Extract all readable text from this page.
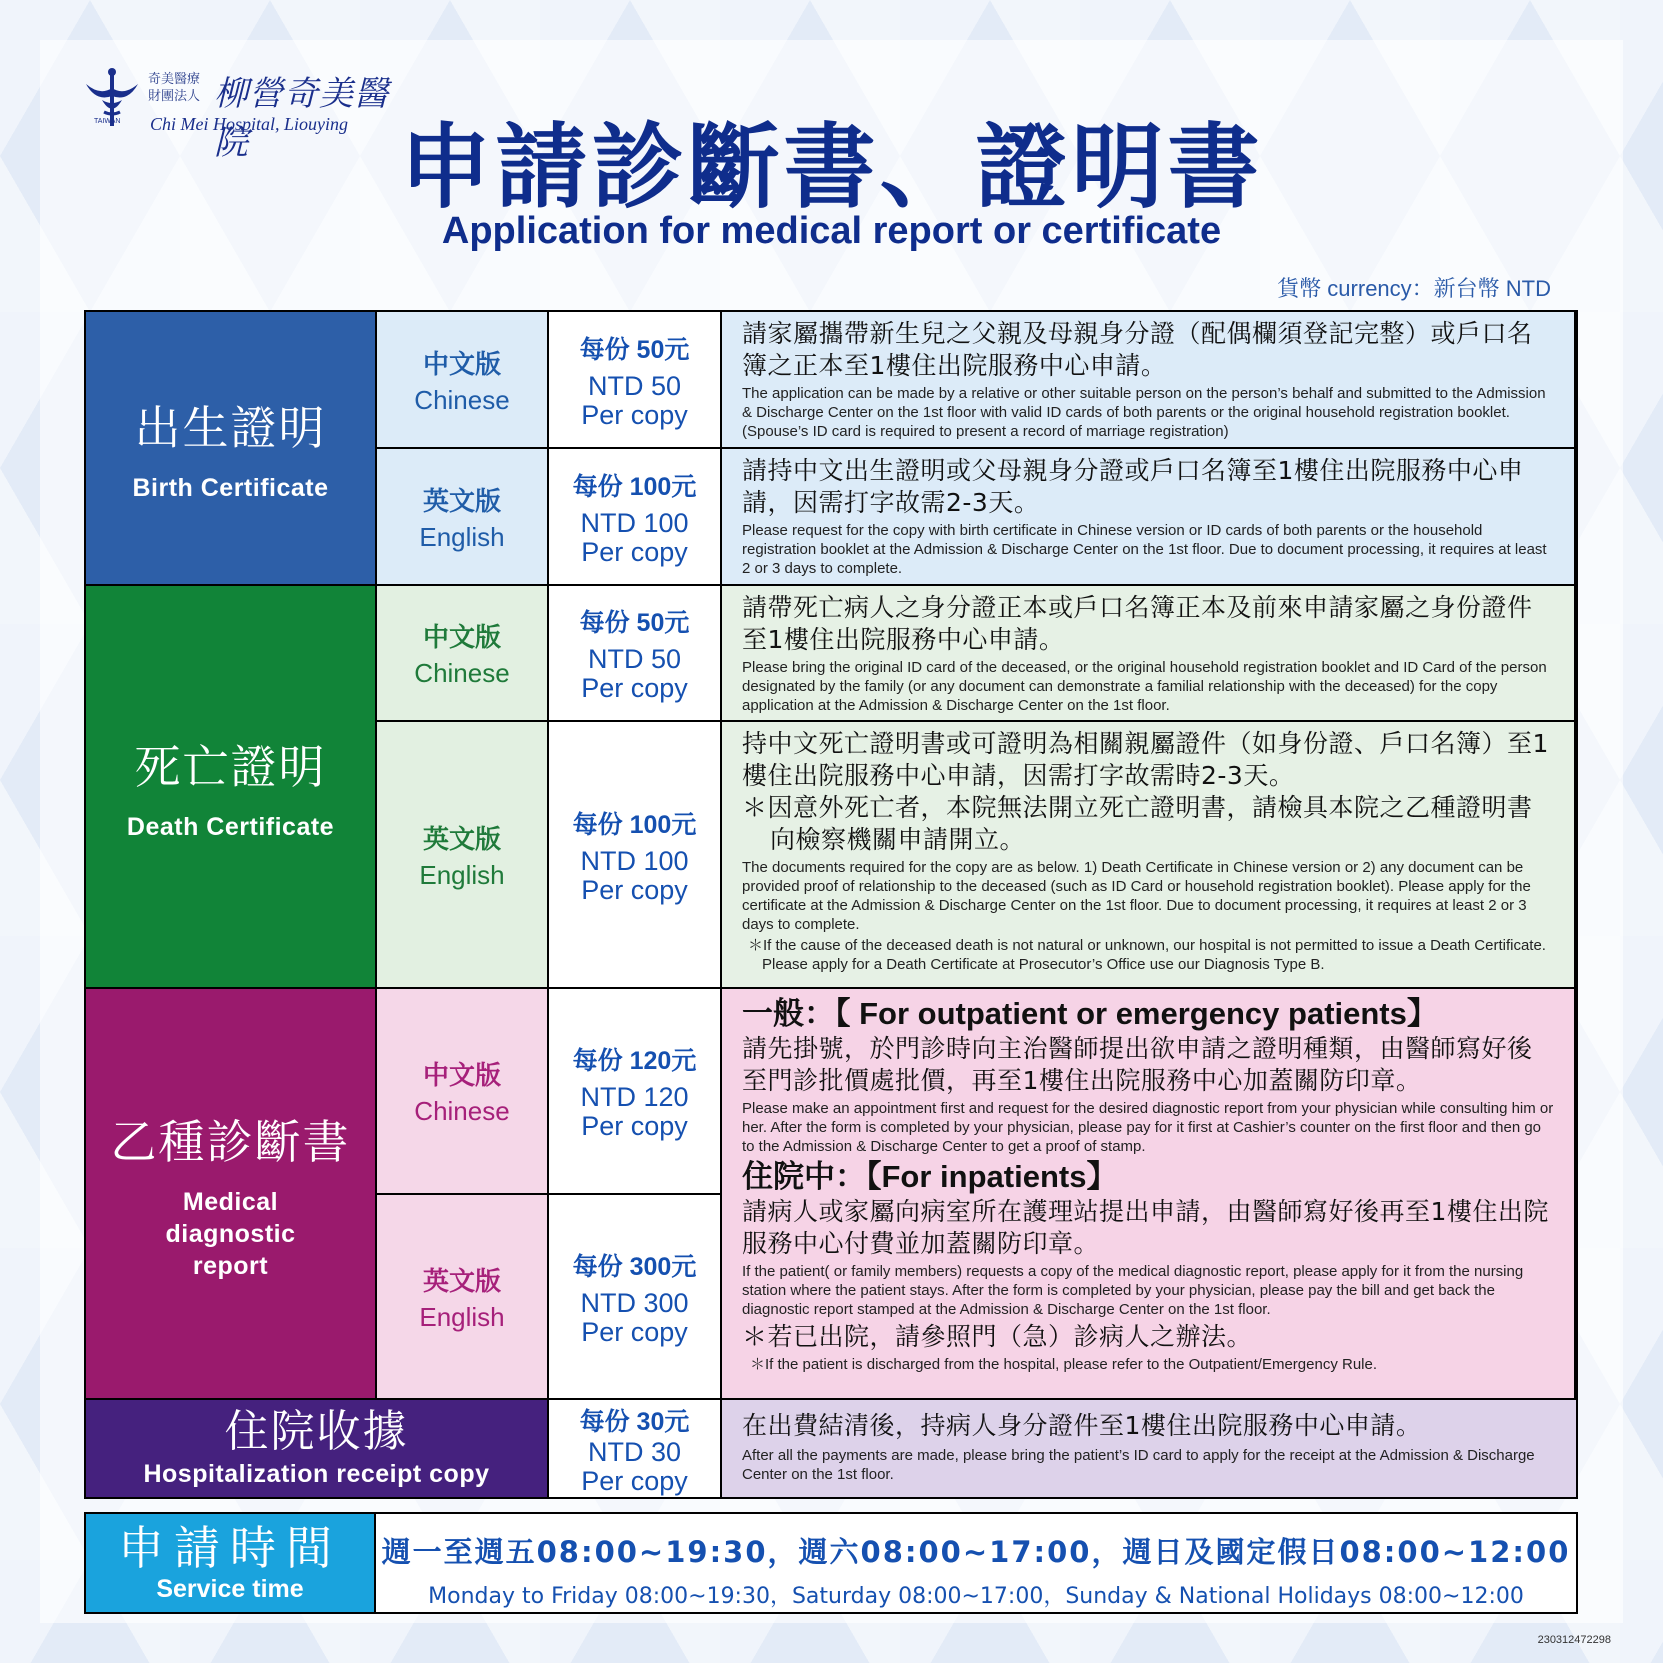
奇美醫療
財團法人 柳營奇美醫院
Chi Mei Hospital, Liouying
TAIWAN	申請診斷書、證明書
Application for medical report or certificate
貨幣 currency：新台幣 NTD
出生證明
Birth Certificate
中文版
Chinese
每份 50元
NTD 50
Per copy
請家屬攜帶新生兒之父親及母親身分證（配偶欄須登記完整）或戶口名簿之正本至1樓住出院服務中心申請。
The application can be made by a relative or other suitable person on the person’s behalf and submitted to the Admission & Discharge Center on the 1st floor with valid ID cards of both parents or the original household registration booklet. (Spouse’s ID card is required to present a record of marriage registration)
英文版
English
每份 100元
NTD 100
Per copy
請持中文出生證明或父母親身分證或戶口名簿至1樓住出院服務中心申請，因需打字故需2-3天。
Please request for the copy with birth certificate in Chinese version or ID cards of both parents or the household registration booklet at the Admission & Discharge Center on the 1st floor. Due to document processing, it requires at least 2 or 3 days to complete.
死亡證明
Death Certificate
中文版
Chinese
每份 50元
NTD 50
Per copy
請帶死亡病人之身分證正本或戶口名簿正本及前來申請家屬之身份證件至1樓住出院服務中心申請。
Please bring the original ID card of the deceased, or the original household registration booklet and ID Card of the person designated by the family (or any document can demonstrate a familial relationship with the deceased) for the copy application at the Admission & Discharge Center on the 1st floor.
英文版
English
每份 100元
NTD 100
Per copy
持中文死亡證明書或可證明為相關親屬證件（如身份證、戶口名簿）至1樓住出院服務中心申請，因需打字故需時2-3天。
＊因意外死亡者，本院無法開立死亡證明書，請檢具本院之乙種證明書向檢察機關申請開立。
The documents required for the copy are as below. 1) Death Certificate in Chinese version or 2) any document can be provided proof of relationship to the deceased (such as ID Card or household registration booklet). Please apply for the certificate at the Admission & Discharge Center on the 1st floor. Due to document processing, it requires at least 2 or 3 days to complete.
＊If the cause of the deceased death is not natural or unknown, our hospital is not permitted to issue a Death Certificate. Please apply for a Death Certificate at Prosecutor’s Office use our Diagnosis Type B.
乙種診斷書
Medical diagnostic report
中文版
Chinese
每份 120元
NTD 120
Per copy
英文版
English
每份 300元
NTD 300
Per copy
一般：【 For outpatient or emergency patients】
請先掛號，於門診時向主治醫師提出欲申請之證明種類，由醫師寫好後至門診批價處批價，再至1樓住出院服務中心加蓋關防印章。
Please make an appointment first and request for the desired diagnostic report from your physician while consulting him or her. After the form is completed by your physician, please pay for it first at Cashier’s counter on the first floor and then go to the Admission & Discharge Center to get a proof of stamp.
住院中：【For inpatients】
請病人或家屬向病室所在護理站提出申請，由醫師寫好後再至1樓住出院服務中心付費並加蓋關防印章。
If the patient( or family members) requests a copy of the medical diagnostic report, please apply for it from the nursing station where the patient stays. After the form is completed by your physician, please pay the bill and get back the diagnostic report stamped at the Admission & Discharge Center on the 1st floor.
＊若已出院，請參照門（急）診病人之辦法。
＊If the patient is discharged from the hospital, please refer to the Outpatient/Emergency Rule.
住院收據
Hospitalization receipt copy
每份 30元
NTD 30
Per copy
在出費結清後，持病人身分證件至1樓住出院服務中心申請。
After all the payments are made, please bring the patient’s ID card to apply for the receipt at the Admission & Discharge Center on the 1st floor.
申請時間
Service time
週一至週五08:00~19:30，週六08:00~17:00，週日及國定假日08:00~12:00
Monday to Friday 08:00~19:30，Saturday 08:00~17:00，Sunday & National Holidays 08:00~12:00
230312472298
